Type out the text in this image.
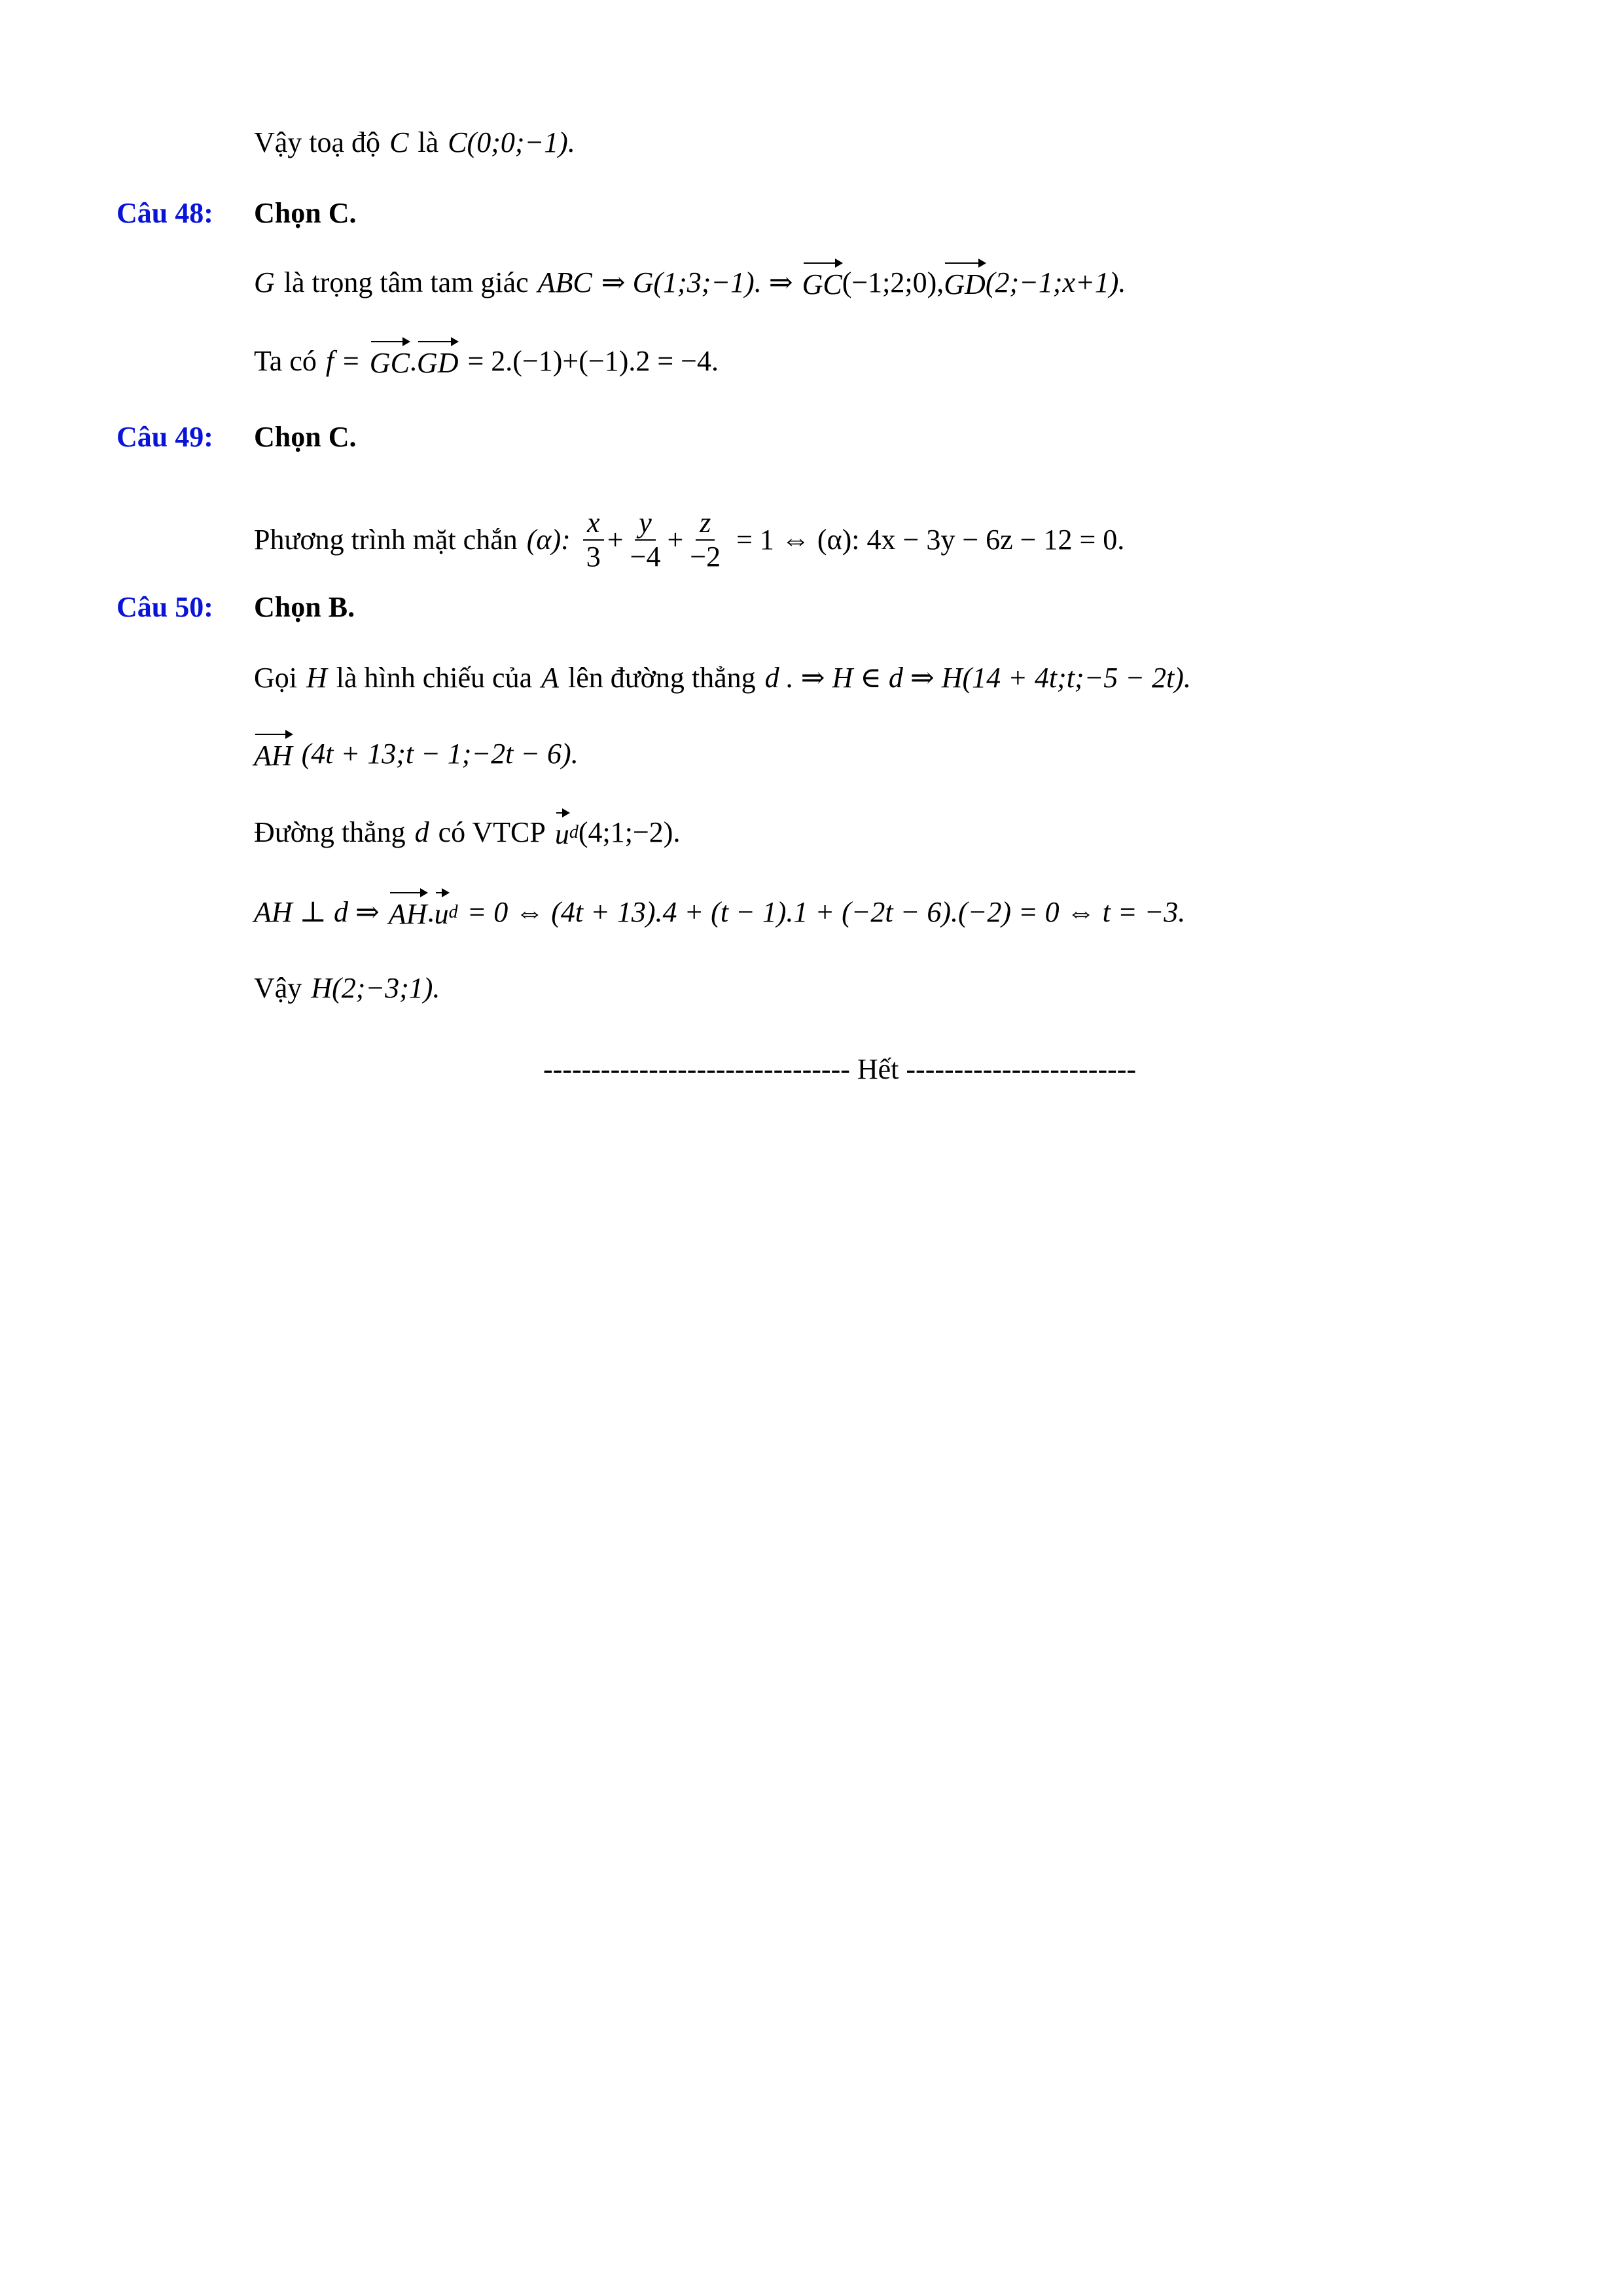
Vậy toạ độ C là C(0;0;−1).
Câu 48: Chọn C.
G là trọng tâm tam giác ABC ⇒ G(1;3;−1). ⇒ GC (−1;2;0), GD (2;−1;x+1).
Ta có f = GC . GD = 2.(−1)+(−1).2 = −4.
Câu 49: Chọn C.
Phương trình mặt chắn (α): $\frac{x}{3} + \frac{y}{-4} + \frac{z}{-2} = 1$ ⇔ (α): 4x − 3y − 6z − 12 = 0.
Câu 50: Chọn B.
Gọi H là hình chiếu của A lên đường thẳng d . ⇒ H ∈ d ⇒ H(14 + 4t;t;−5 − 2t).
AH (4t + 13;t − 1;−2t − 6).
Đường thẳng d có VTCP u d (4;1;−2).
AH ⊥ d ⇒ AH . u d = 0 ⇔ (4t + 13).4 + (t − 1).1 + (−2t − 6).(−2) = 0 ⇔ t = −3.
Vậy H(2;−3;1).
-------------------------------- Hết ------------------------
